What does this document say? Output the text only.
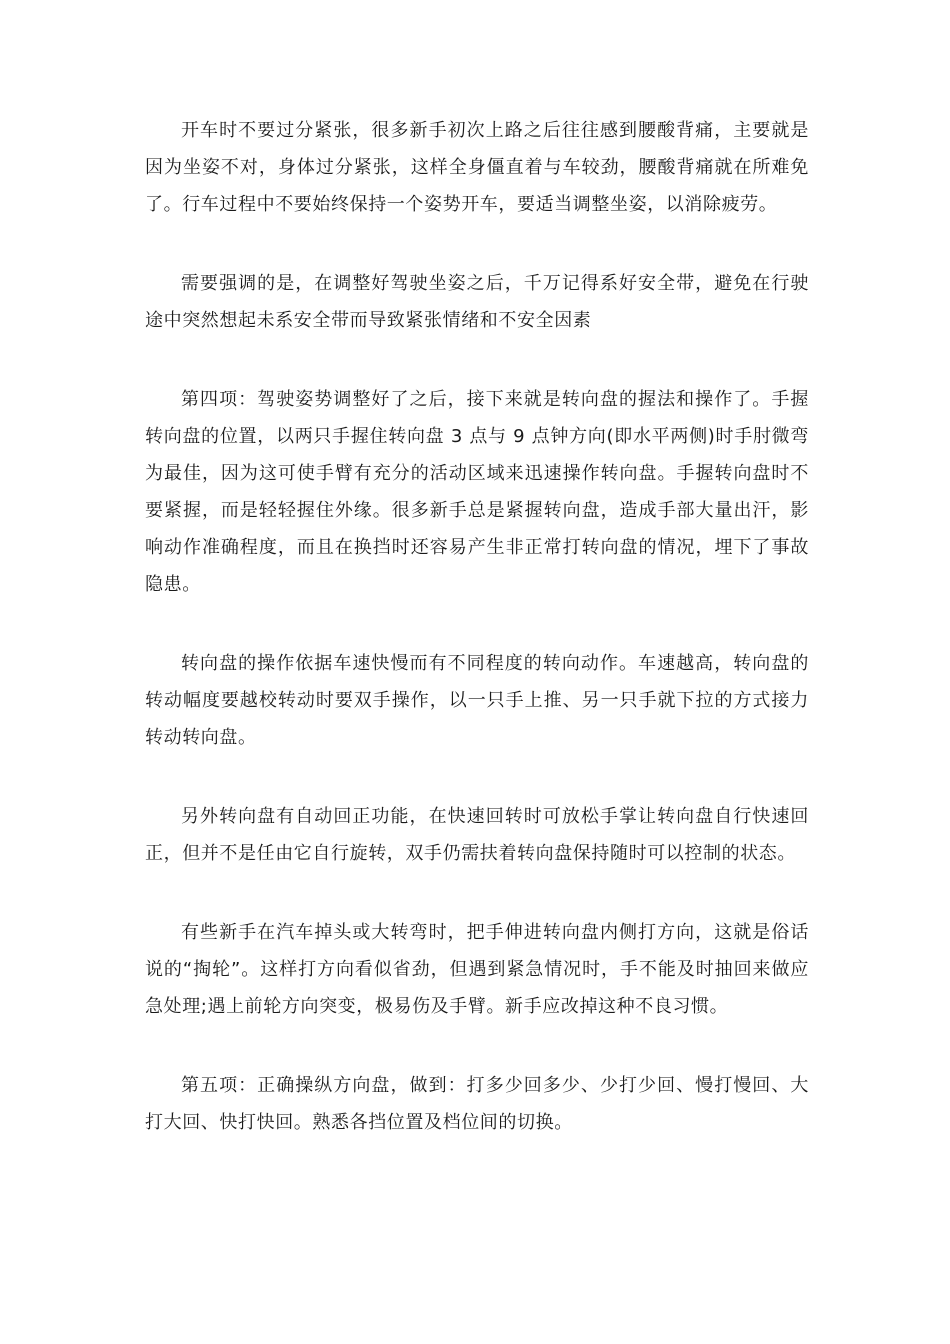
开车时不要过分紧张，很多新手初次上路之后往往感到腰酸背痛，主要就是因为坐姿不对，身体过分紧张，这样全身僵直着与车较劲，腰酸背痛就在所难免了。行车过程中不要始终保持一个姿势开车，要适当调整坐姿，以消除疲劳。

需要强调的是，在调整好驾驶坐姿之后，千万记得系好安全带，避免在行驶途中突然想起未系安全带而导致紧张情绪和不安全因素

第四项：驾驶姿势调整好了之后，接下来就是转向盘的握法和操作了。手握转向盘的位置，以两只手握住转向盘 3 点与 9 点钟方向(即水平两侧)时手肘微弯为最佳，因为这可使手臂有充分的活动区域来迅速操作转向盘。手握转向盘时不要紧握，而是轻轻握住外缘。很多新手总是紧握转向盘，造成手部大量出汗，影响动作准确程度，而且在换挡时还容易产生非正常打转向盘的情况，埋下了事故隐患。

转向盘的操作依据车速快慢而有不同程度的转向动作。车速越高，转向盘的转动幅度要越校转动时要双手操作，以一只手上推、另一只手就下拉的方式接力转动转向盘。

另外转向盘有自动回正功能，在快速回转时可放松手掌让转向盘自行快速回正，但并不是任由它自行旋转，双手仍需扶着转向盘保持随时可以控制的状态。

有些新手在汽车掉头或大转弯时，把手伸进转向盘内侧打方向，这就是俗话说的“掏轮”。这样打方向看似省劲，但遇到紧急情况时，手不能及时抽回来做应急处理;遇上前轮方向突变，极易伤及手臂。新手应改掉这种不良习惯。

第五项：正确操纵方向盘，做到：打多少回多少、少打少回、慢打慢回、大打大回、快打快回。熟悉各挡位置及档位间的切换。
